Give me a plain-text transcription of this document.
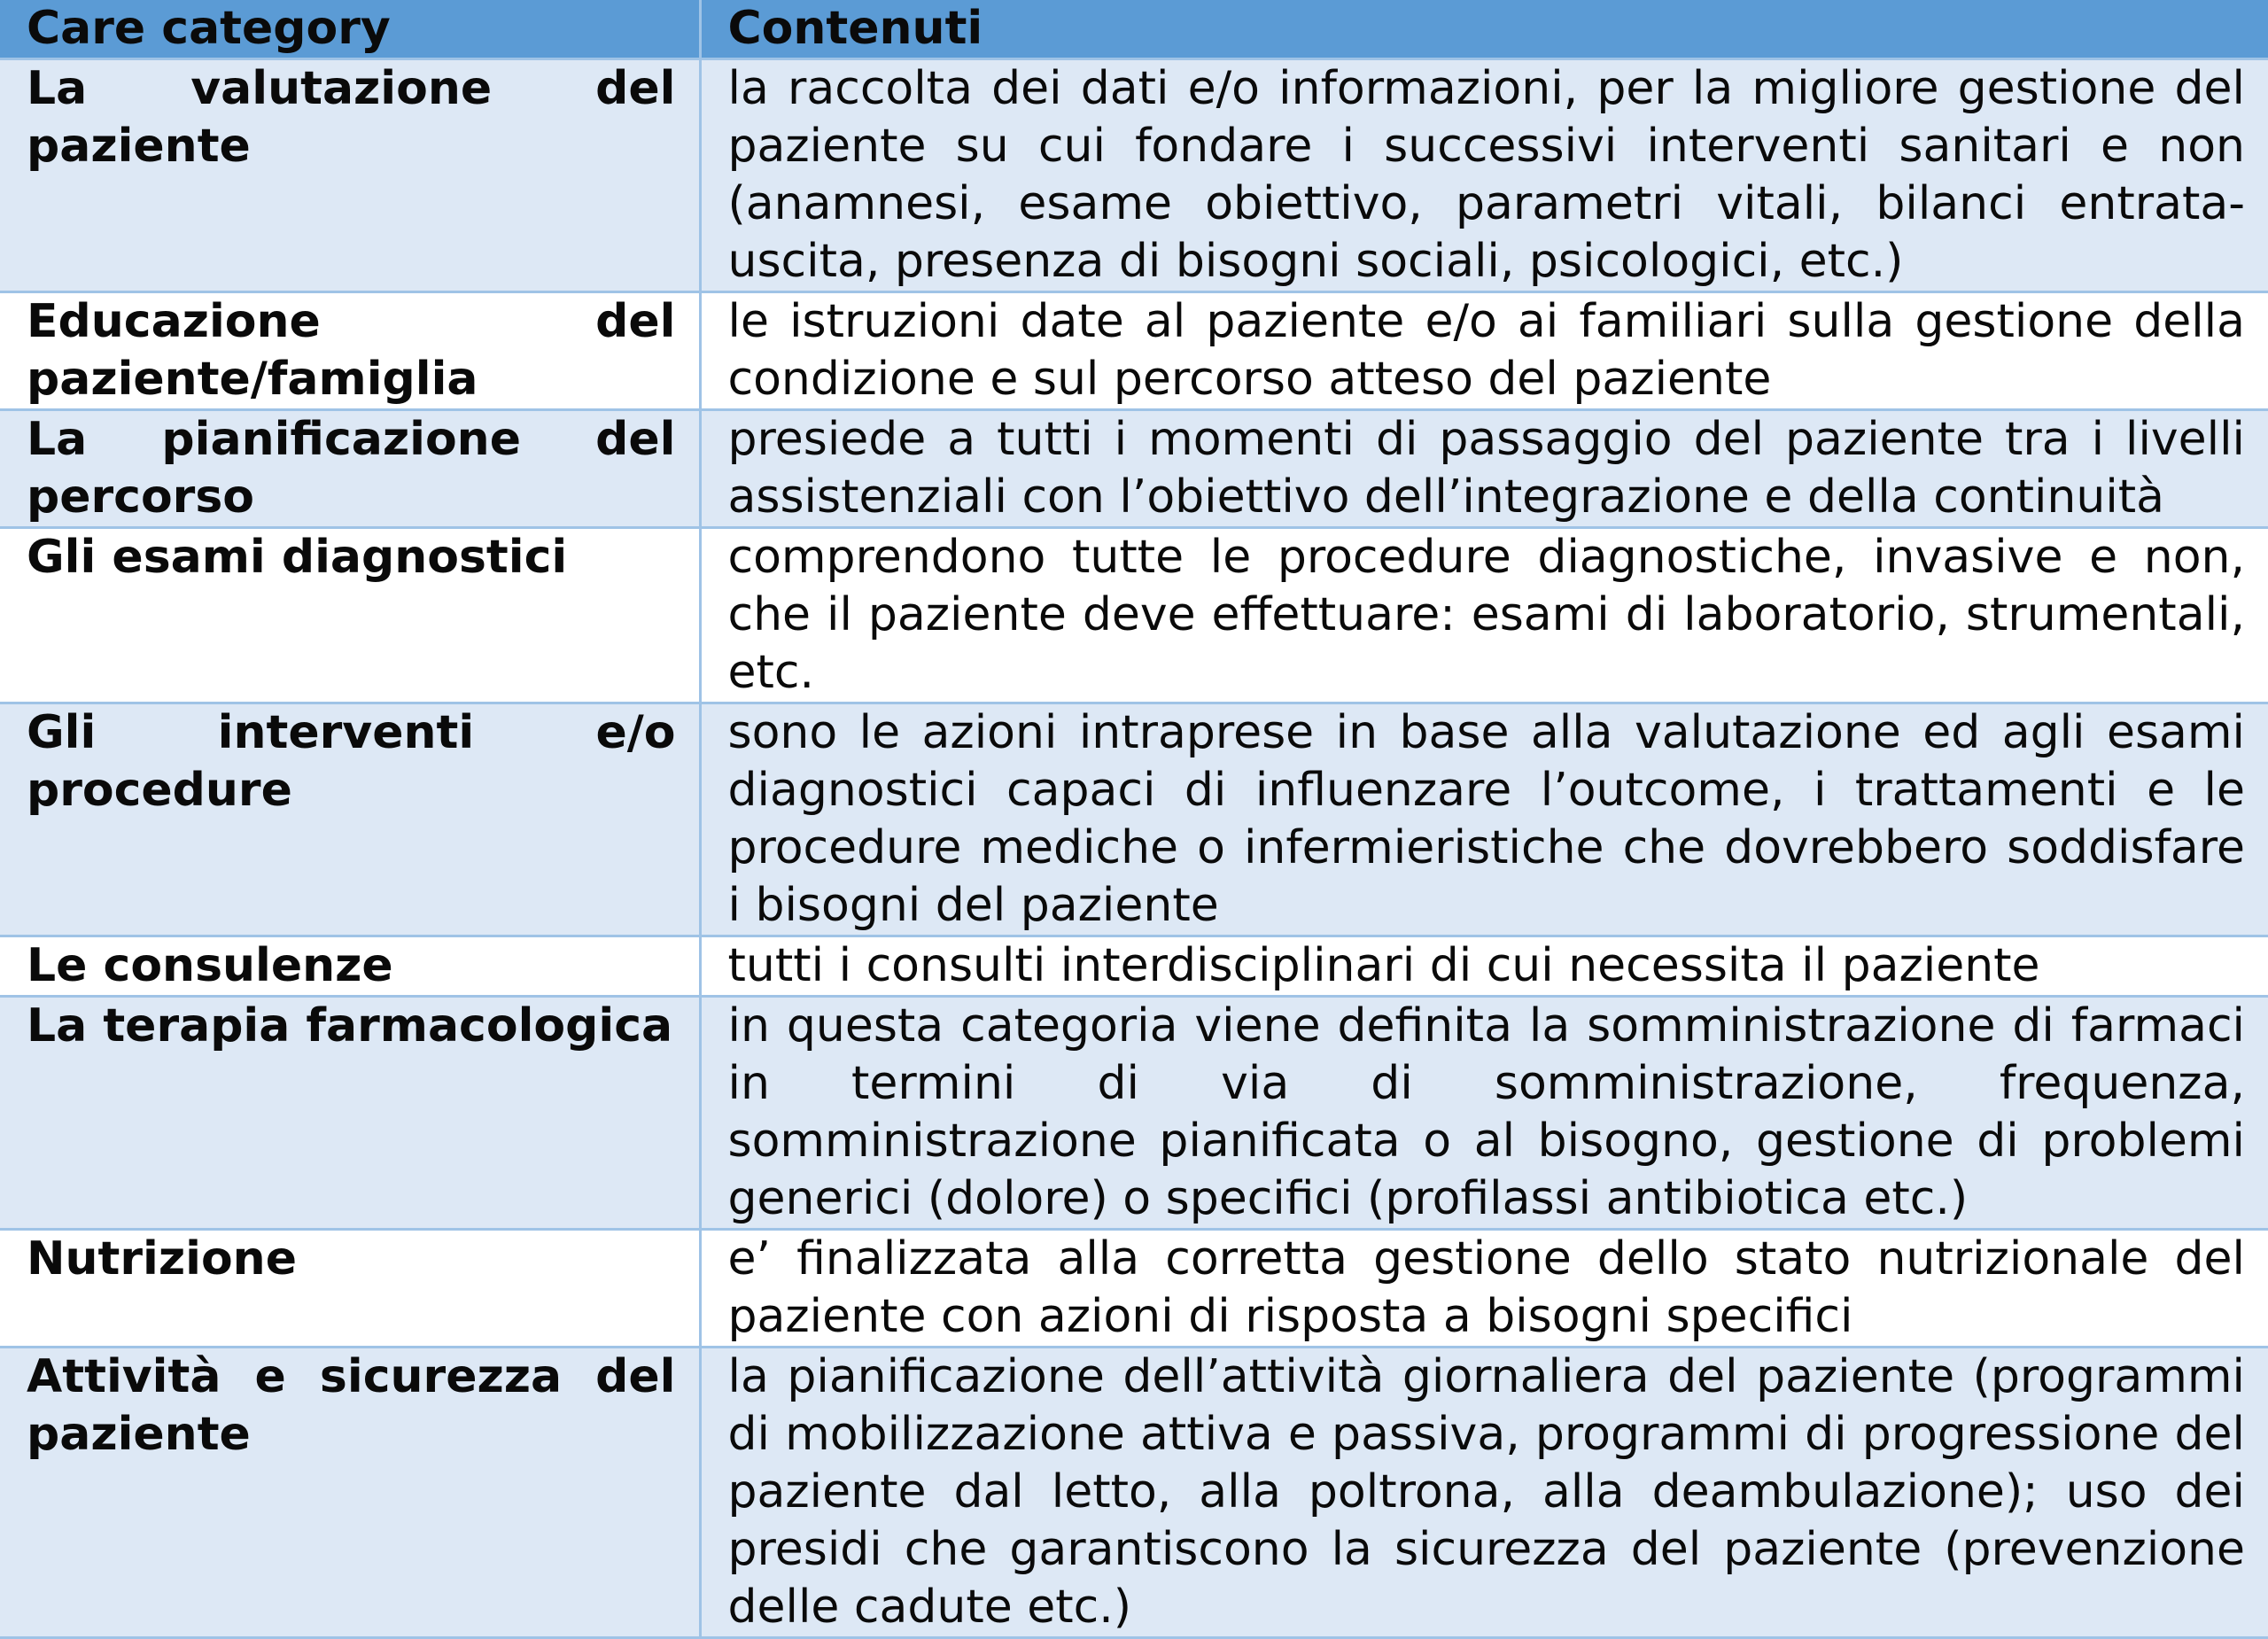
Care category	Contenuti
La valutazione del paziente	la raccolta dei dati e/o informazioni, per la migliore gestione del paziente su cui fondare i successivi interventi sanitari e non (anamnesi, esame obiettivo, parametri vitali, bilanci entrata-uscita, presenza di bisogni sociali, psicologici, etc.)
Educazione del paziente/famiglia	le istruzioni date al paziente e/o ai familiari sulla gestione della condizione e sul percorso atteso del paziente
La pianificazione del percorso	presiede a tutti i momenti di passaggio del paziente tra i livelli assistenziali con l’obiettivo dell’integrazione e della continuità
Gli esami diagnostici	comprendono tutte le procedure diagnostiche, invasive e non, che il paziente deve effettuare: esami di laboratorio, strumentali, etc.
Gli interventi e/o procedure	sono le azioni intraprese in base alla valutazione ed agli esami diagnostici capaci di influenzare l’outcome, i trattamenti e le procedure mediche o infermieristiche che dovrebbero soddisfare i bisogni del paziente
Le consulenze	tutti i consulti interdisciplinari di cui necessita il paziente
La terapia farmacologica	in questa categoria viene definita la somministrazione di farmaci in termini di via di somministrazione, frequenza, somministrazione pianificata o al bisogno, gestione di problemi generici (dolore) o specifici (profilassi antibiotica etc.)
Nutrizione	e’ finalizzata alla corretta gestione dello stato nutrizionale del paziente con azioni di risposta a bisogni specifici
Attività e sicurezza del paziente	la pianificazione dell’attività giornaliera del paziente (programmi di mobilizzazione attiva e passiva, programmi di progressione del paziente dal letto, alla poltrona, alla deambulazione); uso dei presidi che garantiscono la sicurezza del paziente (prevenzione delle cadute etc.)
